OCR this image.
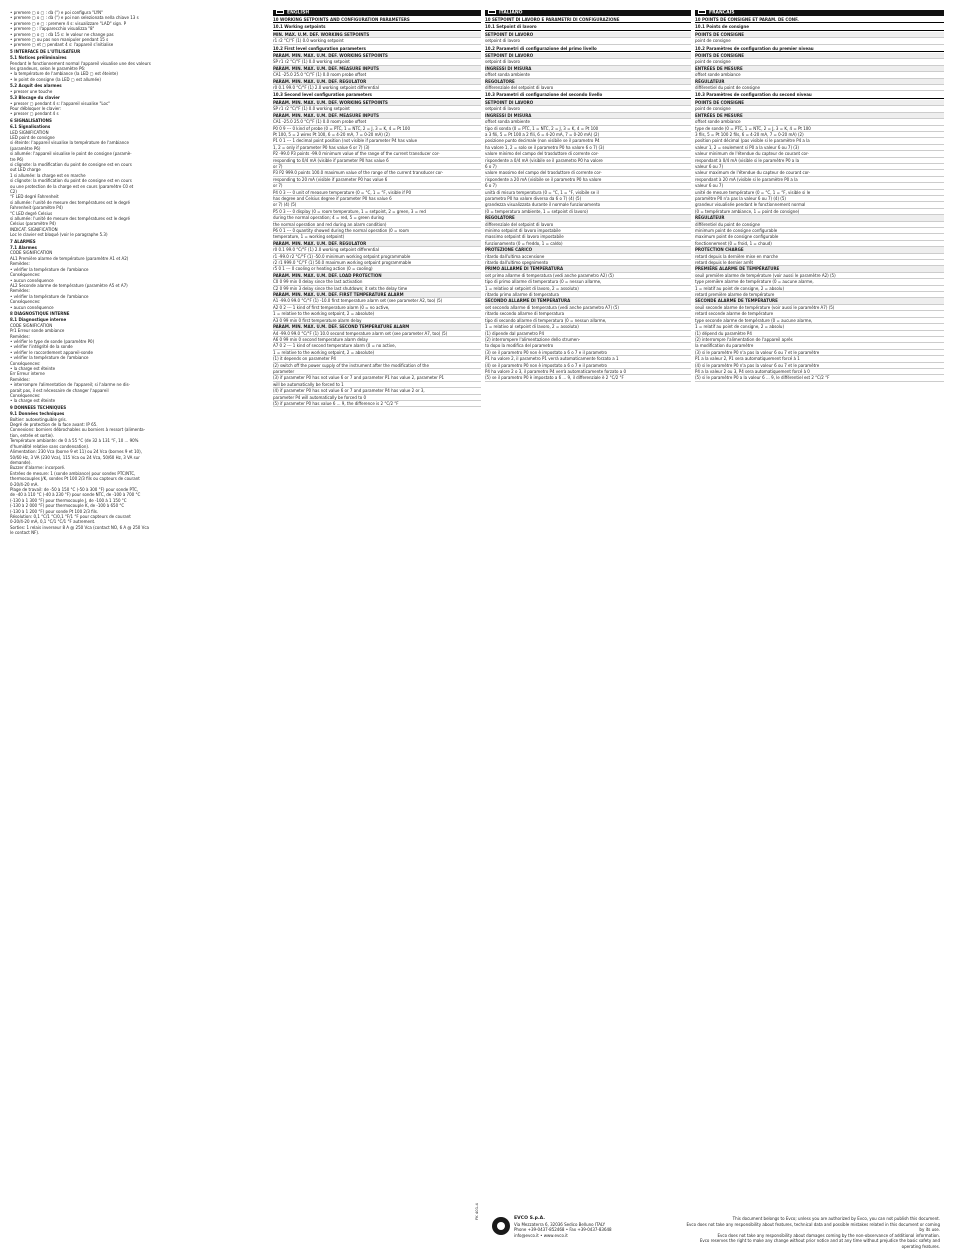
• premere ▢ o ▢ : dà (°) e poi configura "LYN"
• premere ▢ o ▢ : dà (°) e poi non selezionata nella chiave 13 s
• premere ▢ e ▢ : premere 4 s: visualizzare "LAD" sign. P
• premere ▢ : l'apparecchio visualizza "8"
• premere ▢ o ▢ : dà 15 s: le valeur ne change pas
• premere ▢ ou pas non manipuler pendant 15 s
• premere ▢ et ▢ pendant 4 s: l'appareil s'initialise
5 INTERFACE DE L'UTILISATEUR
5.1 Notices préliminaires
Pendant le fonctionnement normal l'appareil visualise une des valeurs
les grandeurs, selon le paramètre P6:
• la température de l'ambiance (la LED ▢ est éteinte)
• le point de consigne (la LED ▢ est allumée)
5.2 Acquit des alarmes
• presser une touche
5.3 Blocage du clavier
• presser ▢ pendant 4 s: l'appareil visualise "Loc"
Pour débloquer le clavier:
• presser ▢ pendant 4 s
6 SIGNALISATIONS
6.1 Signalisations
LED SIGNIFICATION
LED point de consigne
si éteinte: l'appareil visualise la température de l'ambiance
(paramètre P6)
si allumée: l'appareil visualise le point de consigne (paramè-
tre P6)
si clignote: la modification du point de consigne est en cours
out LED charge
1 si allumée: la charge est en marche
si clignote: la modification du point de consigne est en cours
ou une protection de la charge est en cours (paramètre C0 et
C2)
°F LED degré Fahrenheit
si allumée: l'unité de mesure des températures est le degré
Fahrenheit (paramètre P4)
°C LED degré Celsius
si allumée: l'unité de mesure des températures est le degré
Celsius (paramètre P4)
INDICAT. SIGNIFICATION
Loc le clavier est bloqué (voir le paragraphe 5.3)
7 ALARMES
7.1 Alarmes
CODE SIGNIFICATION
AL1 Première alarme de température (paramètre A1 et A2)
Remèdes:
• vérifier la température de l'ambiance
Conséquences:
• aucun conséquence
AL2 Seconde alarme de température (paramètre A5 et A7)
Remèdes:
• vérifier la température de l'ambiance
Conséquences:
• aucun conséquence
8 DIAGNOSTIQUE INTERNE
8.1 Diagnostique interne
CODE SIGNIFICATION
Pr1 Erreur sonde ambiance
Remèdes:
• vérifier le type de sonde (paramètre P0)
• vérifier l'intégrité de la sonde
• vérifier le raccordement appareil-sonde
• vérifier la température de l'ambiance
Conséquences:
• la charge est éteinte
Err Erreur interne
Remèdes:
• interrompre l'alimentation de l'appareil; si l'alarme ne dis-
parait pas, il est nécessaire de changer l'appareil
Conséquences:
• la charge est éteinte
9 DONNEES TECHNIQUES
9.1 Données techniques
Boîtier: autoextinguible gris.
Degré de protection de la face avant: IP 65.
Connexions: borniers débrochables ou borniers à ressort (alimenta-
tion, entrée et sortie).
Température ambiante: de 0 à 55 °C (de 32 à 131 °F, 10 ... 90%
d'humidité relative sans condensation).
Alimentation: 230 Vca (borne 9 et 11) ou 24 Vca (bornes 9 et 10),
50/60 Hz, 3 VA (230 Vca), 115 Vca ou 24 Vca, 50/60 Hz, 3 VA sur
demande).
Buzzer d'alarme: incorporé.
Entrées de mesure: 1 (sonde ambiance) pour sondes PTC/NTC,
thermocouples J/K, sondes Pt 100 2/3 fils ou capteurs de courant
0-20/4-20 mA.
Plage de travail: de -50 à 150 °C (-50 à 300 °F) pour sonde PTC,
de -40 à 110 °C (-40 à 230 °F) pour sonde NTC, de -100 à 700 °C
(-130 à 1 300 °F) pour thermocouple J, de -100 à 1 150 °C
(-130 à 2 000 °F) pour thermocouple K, de -100 à 650 °C
(-130 à 1 200 °F) pour sonde Pt 100 2/3 fils.
Résolution: 0,1 °C/1 °C/0,1 °F/1 °F pour capteurs de courant
0-20/4-20 mA, 0,1 °C/1 °C/1 °F autrement.
Sorties: 1 relais inverseur 8 A @ 250 Vca (contact NO, 6 A @ 250 Vca
le contact NF).
ENGLISH
10 WORKING SETPOINTS AND CONFIGURATION PARAMETERS
10.1 Working setpoints
MIN. MAX. U.M. DEF. WORKING SETPOINTS
r1 r2 °C/°F (1) 0.0 working setpoint
10.2 First level configuration parameters
PARAM. MIN. MAX. U.M. DEF. WORKING SETPOINTS
SP r1 r2 °C/°F (1) 0.0 working setpoint
PARAM. MIN. MAX. U.M. DEF. MEASURE INPUTS
CA1 -25.0 25.0 °C/°F (1) 0.0 room probe offset
PARAM. MIN. MAX. U.M. DEF. REGULATOR
r0 0.1 99.0 °C/°F (1) 2.0 working setpoint differential
10.3 Second level configuration parameters
PARAM. MIN. MAX. U.M. DEF. WORKING SETPOINTS
SP r1 r2 °C/°F (1) 0.0 working setpoint
PARAM. MIN. MAX. U.M. DEF. MEASURE INPUTS
CA1 -25.0 25.0 °C/°F (1) 0.0 room probe offset
P0 0 9 --- 0 kind of probe (0 = PTC, 1 = NTC, 2 = J, 3 = K, 4 = Pt 100
Pt 100, 5 = 2 wires Pt 100, 6 = 4-20 mA, 7 = 0-20 mA) (2)
P1 0 1 --- 1 decimal point position (not visible if parameter P4 has value
1, 2 = only if parameter P0 has value 6 or 7) (3)
P2 -99.0 P3 points -99.0 minimum value of the range of the current transducer cor-
responding to 0/4 mA (visible if parameter P0 has value 6
or 7)
P3 P2 999.0 points 100.0 maximum value of the range of the current transducer cor-
responding to 20 mA (visible if parameter P0 has value 6
or 7)
P4 0 3 --- 0 unit of measure temperature (0 = °C, 1 = °F, visible if P0
has degree and Celsius degree if parameter P0 has value 6
or 7) (4) (5)
P5 0 3 --- 0 display (0 = room temperature, 1 = setpoint, 2 = green, 3 = red
during the normal operation; 4 = red, 5 = green during
the normal operation and red during an alarm condition)
P6 0 1 --- 0 quantity showed during the normal operation (0 = room
temperature, 1 = working setpoint)
PARAM. MIN. MAX. U.M. DEF. REGULATOR
r0 0.1 99.0 °C/°F (1) 2.0 working setpoint differential
r1 -99.0 r2 °C/°F (1) -50.0 minimum working setpoint programmable
r2 r1 999.0 °C/°F (1) 50.0 maximum working setpoint programmable
r5 0 1 --- 0 cooling or heating action (0 = cooling)
PARAM. MIN. MAX. U.M. DEF. LOAD PROTECTION
C0 0 99 min 0 delay since the last activation
C2 0 99 min 3 delay since the last shutdown; it sets the delay time
PARAM. MIN. MAX. U.M. DEF. FIRST TEMPERATURE ALARM
A1 -99.0 99.0 °C/°F (1) -10.0 first temperature alarm set (see parameter A2, too) (5)
A2 0 2 --- 1 kind of first temperature alarm (0 = no active,
1 = relative to the working setpoint, 2 = absolute)
A3 0 99 min 0 first temperature alarm delay
PARAM. MIN. MAX. U.M. DEF. SECOND TEMPERATURE ALARM
A4 -99.0 99.0 °C/°F (1) 10.0 second temperature alarm set (see parameter A7, too) (5)
A6 0 99 min 0 second temperature alarm delay
A7 0 2 --- 1 kind of second temperature alarm (0 = no active,
1 = relative to the working setpoint, 2 = absolute)
(1) it depends on parameter P4
(2) switch off the power supply of the instrument after the modification of the
parameter
(3) if parameter P0 has not value 6 or 7 and parameter P1 has value 2, parameter P1
will be automatically be forced to 1
(4) if parameter P0 has not value 6 or 7 and parameter P4 has value 2 or 3,
parameter P4 will automatically be forced to 0
(5) if parameter P0 has value 6 ... 9, the difference is 2 °C/2 °F
ITALIANO
10 SETPOINT DI LAVORO E PARAMETRI DI CONFIGURAZIONE
10.1 Setpoint di lavoro
SETPOINT DI LAVORO
setpoint di lavoro
10.2 Parametri di configurazione del primo livello
SETPOINT DI LAVORO
setpoint di lavoro
INGRESSI DI MISURA
offset sonda ambiente
REGOLATORE
differenziale del setpoint di lavoro
10.3 Parametri di configurazione del secondo livello
SETPOINT DI LAVORO
setpoint di lavoro
INGRESSI DI MISURA
offset sonda ambiente
tipo di sonda (0 = PTC, 1 = NTC, 2 = J, 3 = K, 4 = Pt 100
a 3 fili, 5 = Pt 100 a 2 fili, 6 = 4-20 mA, 7 = 0-20 mA) (2)
posizione punto decimale (non visibile se il parametro P4
ha valore 1, 2 = solo se il parametro P0 ha valore 6 o 7) (3)
valore minimo del campo del trasduttore di corrente cor-
rispondente a 0/4 mA (visibile se il parametro P0 ha valore
6 o 7)
valore massimo del campo del trasduttore di corrente cor-
rispondente a 20 mA (visibile se il parametro P0 ha valore
6 o 7)
unità di misura temperatura (0 = °C, 1 = °F, visibile se il
parametro P0 ha valore diverso da 6 o 7) (4) (5)
grandezza visualizzata durante il normale funzionamento
(0 = temperatura ambiente, 1 = setpoint di lavoro)
REGOLATORE
differenziale del setpoint di lavoro
minimo setpoint di lavoro impostabile
massimo setpoint di lavoro impostabile
funzionamento (0 = freddo, 1 = caldo)
PROTEZIONE CARICO
ritardo dall'ultima accensione
ritardo dall'ultimo spegnimento
PRIMO ALLARME DI TEMPERATURA
set primo allarme di temperatura (vedi anche parametro A2) (5)
tipo di primo allarme di temperatura (0 = nessun allarme,
1 = relativo al setpoint di lavoro, 2 = assoluto)
ritardo primo allarme di temperatura
SECONDO ALLARME DI TEMPERATURA
set secondo allarme di temperatura (vedi anche parametro A7) (5)
ritardo secondo allarme di temperatura
tipo di secondo allarme di temperatura (0 = nessun allarme,
1 = relativo al setpoint di lavoro, 2 = assoluto)
(1) dipende dal parametro P4
(2) interrompere l'alimentazione dello strumen-
to dopo la modifica del parametro
(3) se il parametro P0 non è impostato a 6 o 7 e il parametro
P1 ha valore 2, il parametro P1 verrà automaticamente forzato a 1
(4) se il parametro P0 non è impostato a 6 o 7 e il parametro
P4 ha valore 2 o 3, il parametro P4 verrà automaticamente forzato a 0
(5) se il parametro P0 è impostato a 6 ... 9, il differenziale è 2 °C/2 °F
FRANCAIS
10 POINTS DE CONSIGNE ET PARAM. DE CONF.
10.1 Points de consigne
POINTS DE CONSIGNE
point de consigne
10.2 Paramètres de configuration du premier niveau
POINTS DE CONSIGNE
point de consigne
ENTRÉES DE MESURE
offset sonde ambiance
RÉGULATEUR
différentiel du point de consigne
10.3 Paramètres de configuration du second niveau
POINTS DE CONSIGNE
point de consigne
ENTRÉES DE MESURE
offset sonde ambiance
type de sonde (0 = PTC, 1 = NTC, 2 = J, 3 = K, 4 = Pt 100
3 fils, 5 = Pt 100 2 fils, 6 = 4-20 mA, 7 = 0-20 mA) (2)
position point décimal (pas visible si le paramètre P4 a la
valeur 1, 2 = seulement si P0 a la valeur 6 ou 7) (3)
valeur minimum de l'étendue du capteur de courant cor-
respondant à 0/4 mA (visible si le paramètre P0 a la
valeur 6 ou 7)
valeur maximum de l'étendue du capteur de courant cor-
respondant à 20 mA (visible si le paramètre P0 a la
valeur 6 ou 7)
unité de mesure température (0 = °C, 1 = °F, visible si le
paramètre P0 n'a pas la valeur 6 ou 7) (4) (5)
grandeur visualisée pendant le fonctionnement normal
(0 = température ambiance, 1 = point de consigne)
RÉGULATEUR
différentiel du point de consigne
minimum point de consigne configurable
maximum point de consigne configurable
fonctionnement (0 = froid, 1 = chaud)
PROTECTION CHARGE
retard depuis la dernière mise en marche
retard depuis le dernier arrêt
PREMIÈRE ALARME DE TEMPÉRATURE
seuil première alarme de température (voir aussi le paramètre A2) (5)
type première alarme de température (0 = aucune alarme,
1 = relatif au point de consigne, 2 = absolu)
retard première alarme de température
SECONDE ALARME DE TEMPÉRATURE
seuil seconde alarme de température (voir aussi le paramètre A7) (5)
retard seconde alarme de température
type seconde alarme de température (0 = aucune alarme,
1 = relatif au point de consigne, 2 = absolu)
(1) dépend du paramètre P4
(2) interrompre l'alimentation de l'appareil après
la modification du paramètre
(3) si le paramètre P0 n'a pas la valeur 6 ou 7 et le paramètre
P1 a la valeur 2, P1 sera automatiquement forcé à 1
(4) si le paramètre P0 n'a pas la valeur 6 ou 7 et le paramètre
P4 a la valeur 2 ou 3, P4 sera automatiquement forcé à 0
(5) si le paramètre P0 a la valeur 6 ... 9, le différentiel est 2 °C/2 °F
FK 401-4	EVCO S.p.A.
Via Mezzaterra 6, 32036 Sedico Belluno ITALY
Phone +39-0437-852468 • Fax +39-0437-83648
info@evco.it • www.evco.it
This document belongs to Evco; unless you are authorized by Evco, you can not publish this document.
Evco does not take any responsibility about features, technical data and possible mistakes related in this document or coming by its use.
Evco does not take any responsibility about damages coming by the non-observance of additional information.
Evco reserves the right to make any change without prior notice and at any time without prejudice the basic safety and operating features.
